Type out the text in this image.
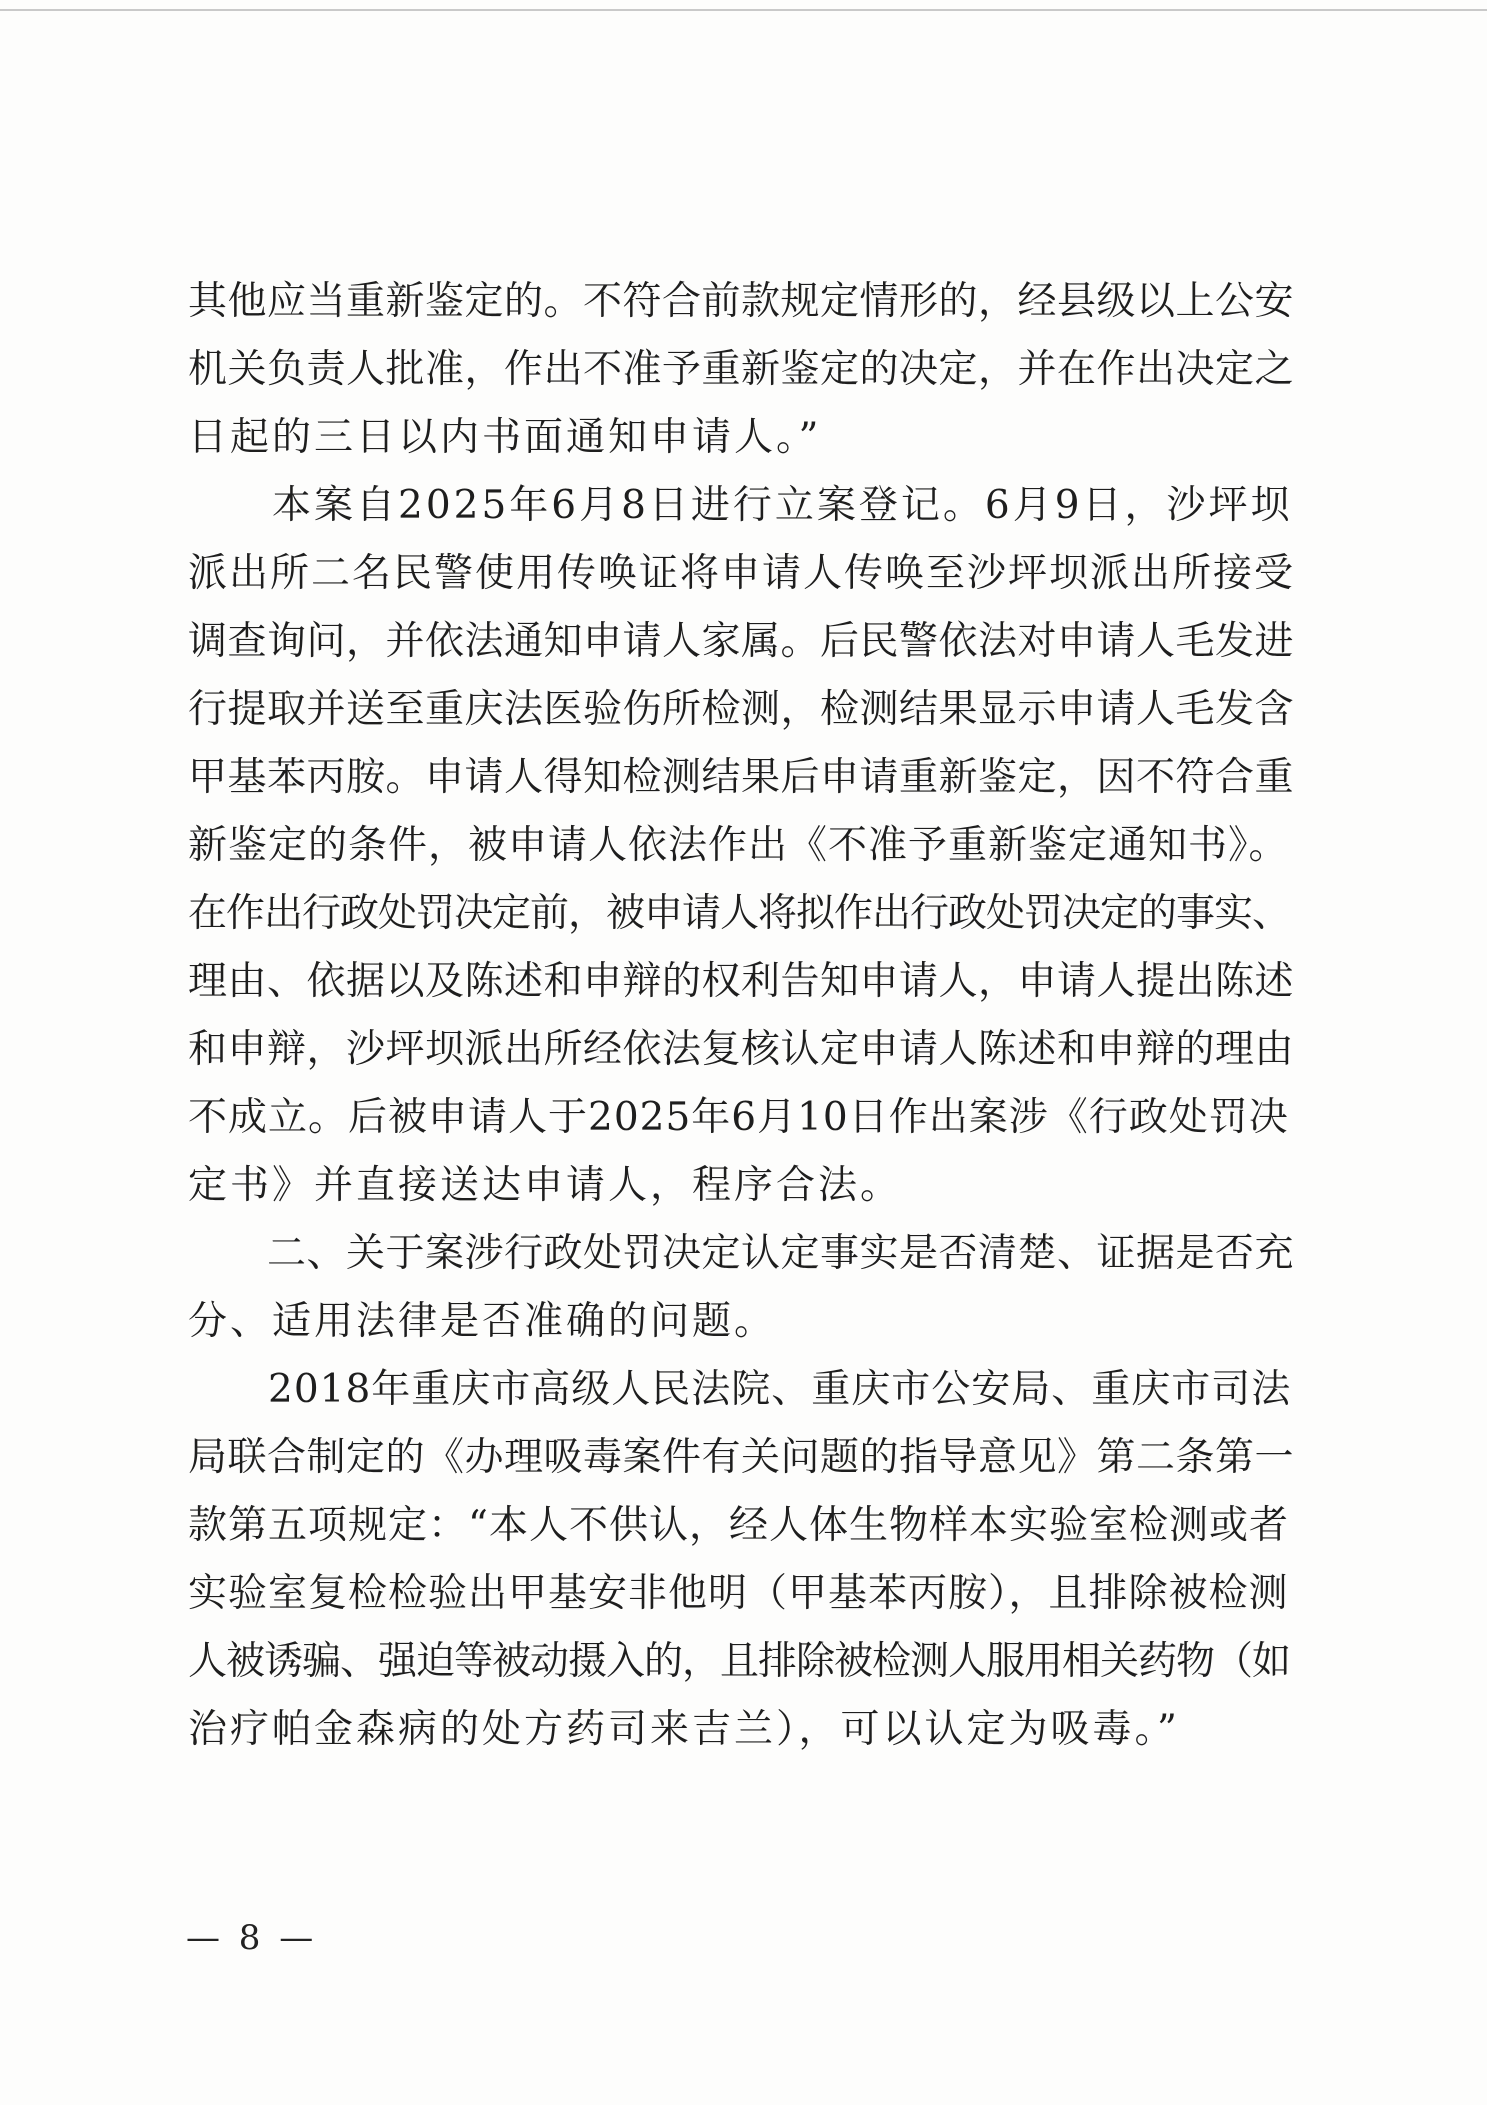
其他应当重新鉴定的。不符合前款规定情形的，经县级以上公安
机关负责人批准，作出不准予重新鉴定的决定，并在作出决定之
日起的三日以内书面通知申请人。”
　　本案自2025年6月8日进行立案登记。6月9日，沙坪坝
派出所二名民警使用传唤证将申请人传唤至沙坪坝派出所接受
调查询问，并依法通知申请人家属。后民警依法对申请人毛发进
行提取并送至重庆法医验伤所检测，检测结果显示申请人毛发含
甲基苯丙胺。申请人得知检测结果后申请重新鉴定，因不符合重
新鉴定的条件，被申请人依法作出《不准予重新鉴定通知书》。
在作出行政处罚决定前，被申请人将拟作出行政处罚决定的事实、
理由、依据以及陈述和申辩的权利告知申请人，申请人提出陈述
和申辩，沙坪坝派出所经依法复核认定申请人陈述和申辩的理由
不成立。后被申请人于2025年6月10日作出案涉《行政处罚决
定书》并直接送达申请人，程序合法。
　　二、关于案涉行政处罚决定认定事实是否清楚、证据是否充
分、适用法律是否准确的问题。
　　2018年重庆市高级人民法院、重庆市公安局、重庆市司法
局联合制定的《办理吸毒案件有关问题的指导意见》第二条第一
款第五项规定：“本人不供认，经人体生物样本实验室检测或者
实验室复检检验出甲基安非他明（甲基苯丙胺），且排除被检测
人被诱骗、强迫等被动摄入的，且排除被检测人服用相关药物（如
治疗帕金森病的处方药司来吉兰），可以认定为吸毒。”
— 8 —
